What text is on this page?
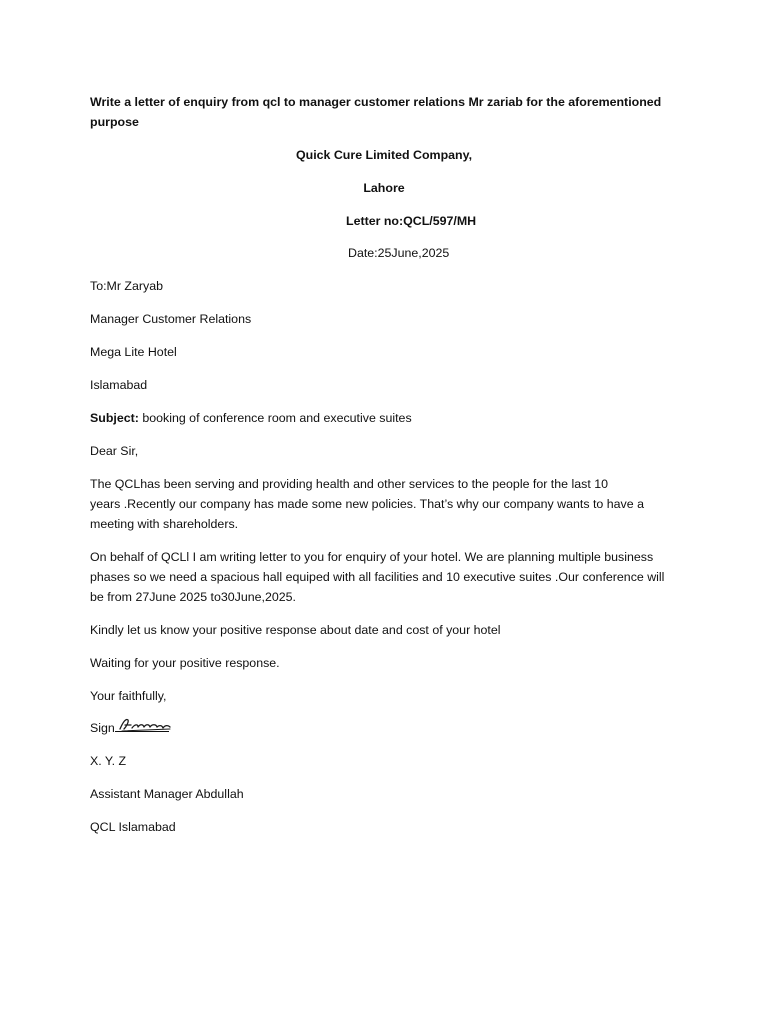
Write a letter of enquiry from qcl to manager customer relations Mr zariab for the aforementioned
purpose
Quick Cure Limited Company,
Lahore
Letter no:QCL/597/MH
Date:25June,2025
To:Mr Zaryab
Manager Customer Relations
Mega Lite Hotel
Islamabad
Subject: booking of conference room and executive suites
Dear Sir,
The QCLhas been serving and providing health and other services to the people for the last 10
years .Recently our company has made some new policies. That’s why our company wants to have a
meeting with shareholders.
On behalf of QCLl I am writing letter to you for enquiry of your hotel. We are planning multiple business
phases so we need a spacious hall equiped with all facilities and 10 executive suites .Our conference will
be from 27June 2025 to30June,2025.
Kindly let us know your positive response about date and cost of your hotel
Waiting for your positive response.
Your faithfully,
Sign
X. Y. Z
Assistant Manager Abdullah
QCL Islamabad
